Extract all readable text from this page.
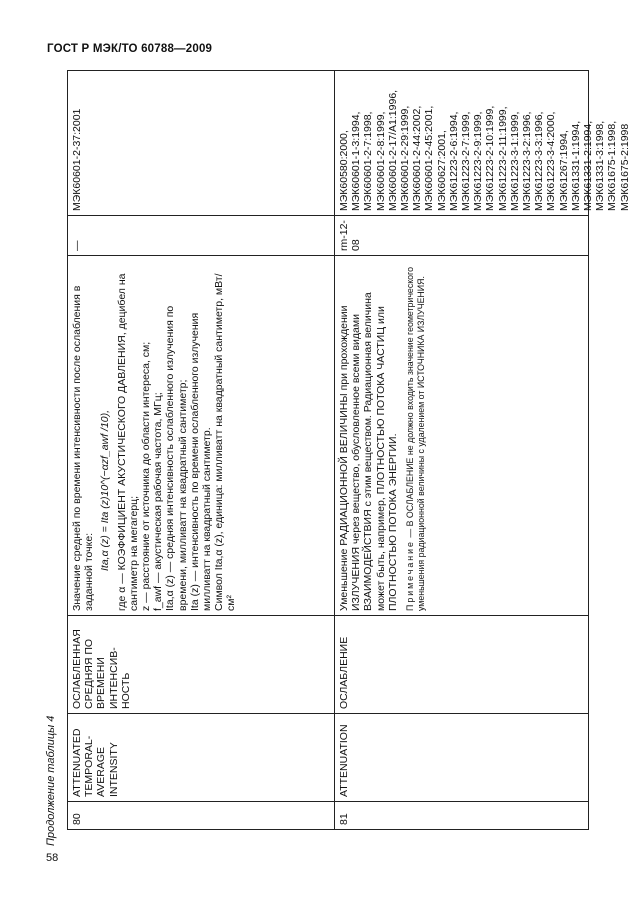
ГОСТ Р МЭК/ТО 60788—2009
Продолжение таблицы 4
58
80
ATTENUATED TEMPORAL-AVERAGE INTENSITY
ОСЛАБЛЕННАЯ СРЕДНЯЯ ПО ВРЕМЕНИ ИНТЕНСИВ-НОСТЬ

Значение средней по времени интенсивности после ослабления в заданной точке:

Ita,α (z) = Ita (z)10^(−αzf_awf /10), где α — КОЭФФИЦИЕНТ АКУСТИЧЕСКОГО ДАВЛЕНИЯ, децибел на сантиметр на мегагерц; z — расстояние от источника до области интереса, см; f_awf — акустическая рабочая частота, МГц; Ita,α (z) — средняя интенсивность ослабленного излучения по времени, милливатт на квадратный сантиметр; Ita (z) — интенсивность по времени ослабленного излучения милливатт на квадратный сантиметр. Символ Ita,α (z), единица: милливатт на квадратный сантиметр, мВт/см²

—
МЭК60601-2-37:2001
81
ATTENUATION
ОСЛАБЛЕНИЕ

Уменьшение РАДИАЦИОННОЙ ВЕЛИЧИНЫ при прохождении ИЗЛУЧЕНИЯ через вещество, обусловленное всеми видами ВЗАИМОДЕЙСТВИЯ с этим веществом. Радиационная величина может быть, например, ПЛОТНОСТЬЮ ПОТОКА ЧАСТИЦ или ПЛОТНОСТЬЮ ПОТОКА ЭНЕРГИИ. Примечание — В ОСЛАБЛЕНИЕ не должно входить значение геометрического уменьшения радиационной величины с удалением от ИСТОЧНИКА ИЗЛУЧЕНИЯ.

rm-12-08
МЭК60580:2000, МЭК60601-1-3:1994, МЭК60601-2-7:1998, МЭК60601-2-8:1999, МЭК60601-2-17/А1:1996, МЭК60601-2-29:1999, МЭК60601-2-44:2002, МЭК60601-2-45:2001, МЭК60627:2001, МЭК61223-2-6:1994, МЭК61223-2-7:1999, МЭК61223-2-9:1999, МЭК61223-2-10:1999, МЭК61223-2-11:1999, МЭК61223-3-1:1999, МЭК61223-3-2:1996, МЭК61223-3-3:1996, МЭК61223-3-4:2000, МЭК61267:1994, МЭК61331-1:1994, МЭК61331-2:1994, МЭК61331-3:1998, МЭК61675-1:1998, МЭК61675-2:1998
